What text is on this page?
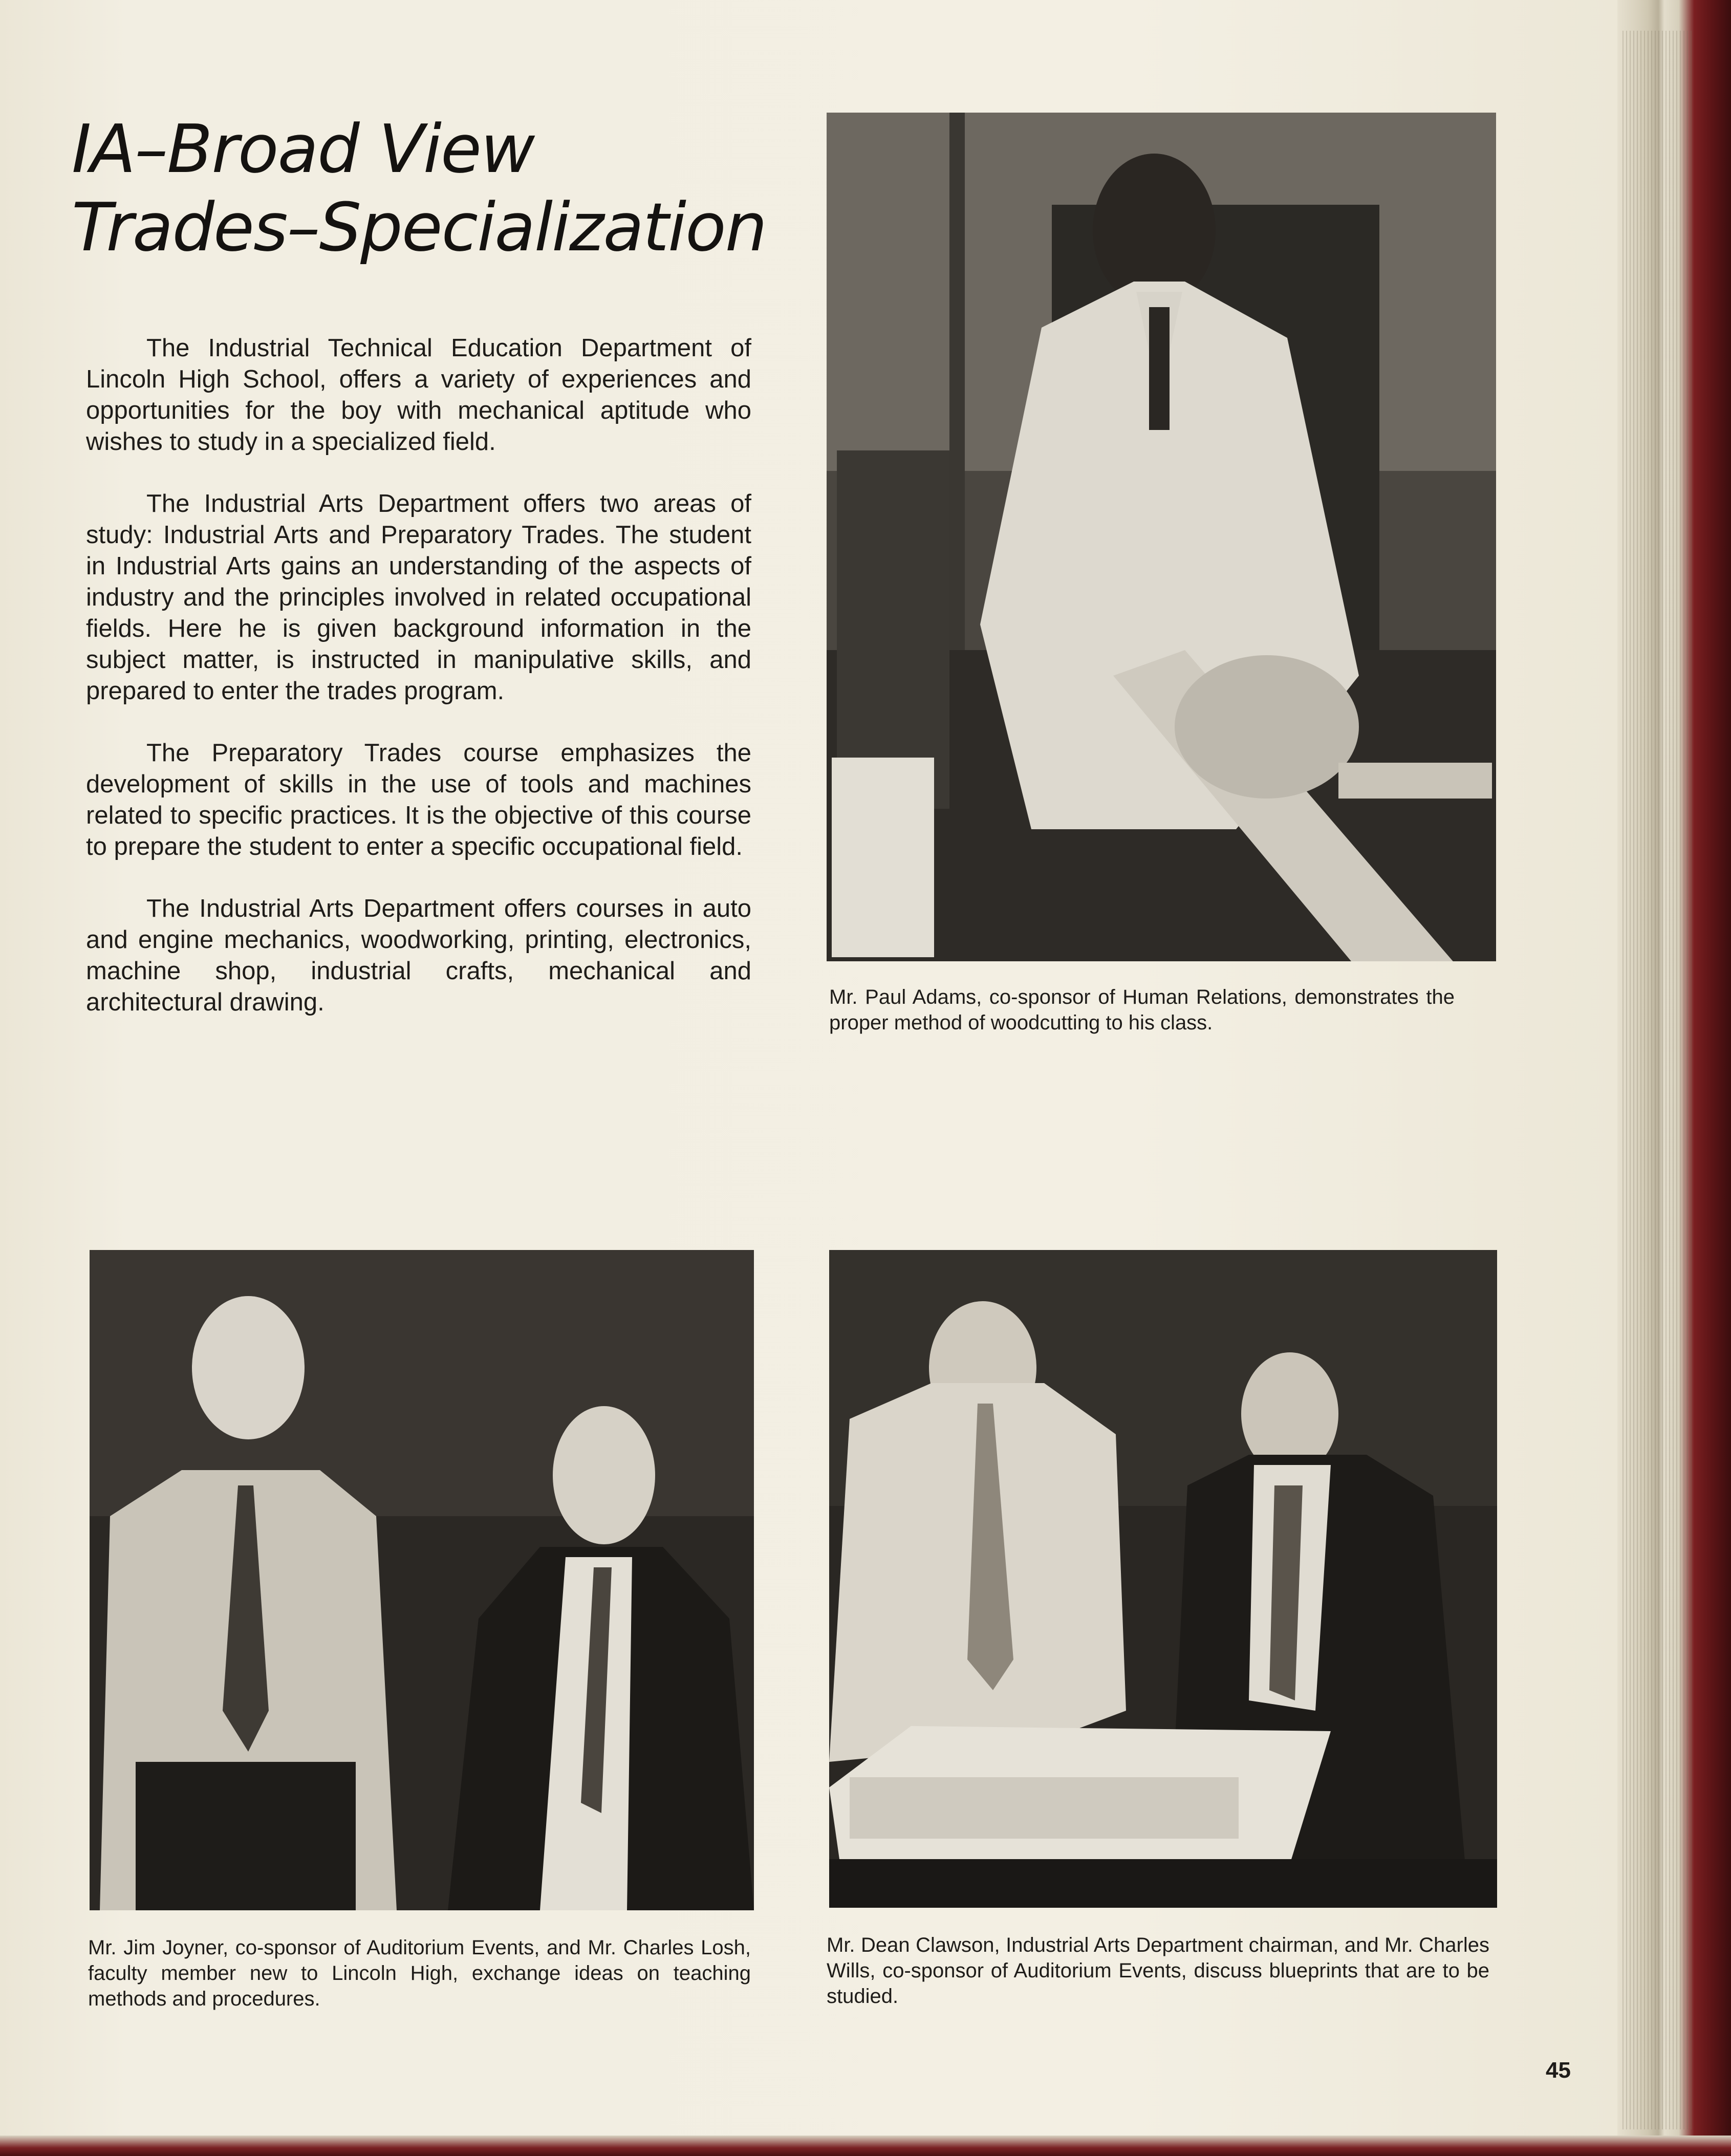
IA–Broad View
Trades–Specialization

The Industrial Technical Education Department of Lincoln High School, offers a variety of experiences and opportunities for the boy with mechanical aptitude who wishes to study in a specialized field.

The Industrial Arts Department offers two areas of study: Industrial Arts and Preparatory Trades. The student in Industrial Arts gains an understanding of the aspects of industry and the principles involved in related occupational fields. Here he is given background information in the subject matter, is instructed in manipulative skills, and prepared to enter the trades program.

The Preparatory Trades course emphasizes the development of skills in the use of tools and machines related to specific practices. It is the objective of this course to prepare the student to enter a specific occupational field.

The Industrial Arts Department offers courses in auto and engine mechanics, woodworking, printing, electronics, machine shop, industrial crafts, mechanical and architectural drawing.	Mr. Paul Adams, co-sponsor of Human Relations, demonstrates the proper method of woodcutting to his class.
Mr. Jim Joyner, co-sponsor of Auditorium Events, and Mr. Charles Losh, faculty member new to Lincoln High, exchange ideas on teaching methods and procedures.
Mr. Dean Clawson, Industrial Arts Department chairman, and Mr. Charles Wills, co-sponsor of Auditorium Events, discuss blueprints that are to be studied.
45
